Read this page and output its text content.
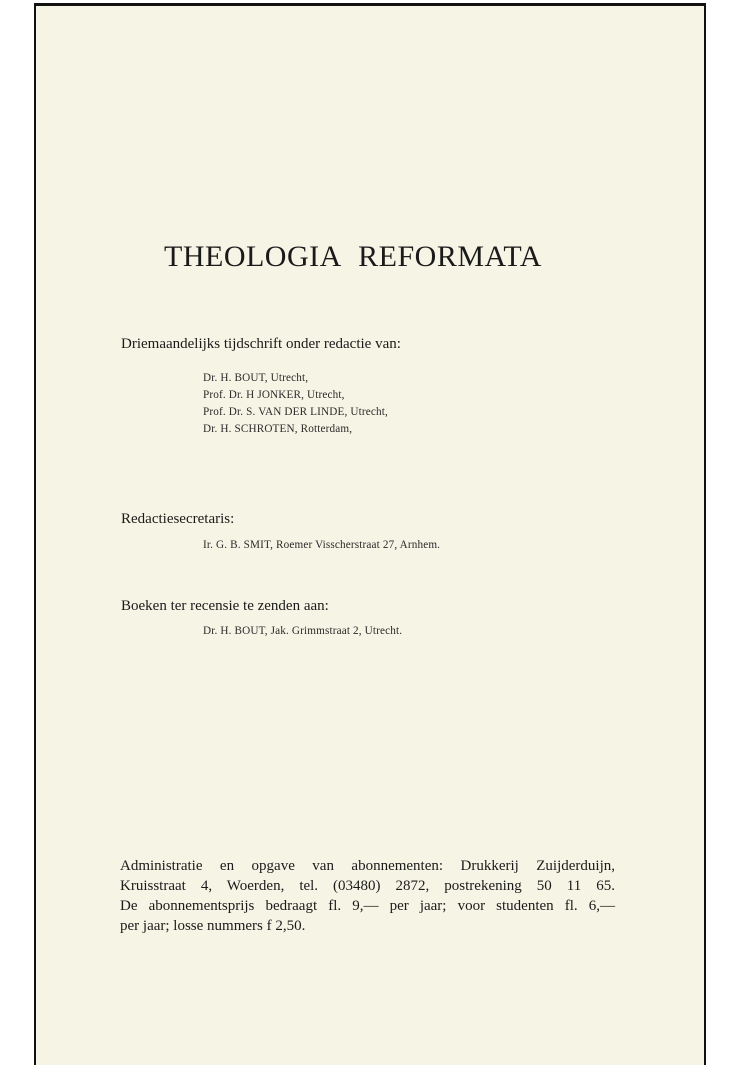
THEOLOGIA REFORMATA
Driemaandelijks tijdschrift onder redactie van:
Dr. H. BOUT, Utrecht,
Prof. Dr. H JONKER, Utrecht,
Prof. Dr. S. VAN DER LINDE, Utrecht,
Dr. H. SCHROTEN, Rotterdam,
Redactiesecretaris:
Ir. G. B. SMIT, Roemer Visscherstraat 27, Arnhem.
Boeken ter recensie te zenden aan:
Dr. H. BOUT, Jak. Grimmstraat 2, Utrecht.
Administratie en opgave van abonnementen: Drukkerij Zuijderduijn,
Kruisstraat 4, Woerden, tel. (03480) 2872, postrekening 50 11 65.
De abonnementsprijs bedraagt fl. 9,— per jaar; voor studenten fl. 6,—
per jaar; losse nummers f 2,50.
